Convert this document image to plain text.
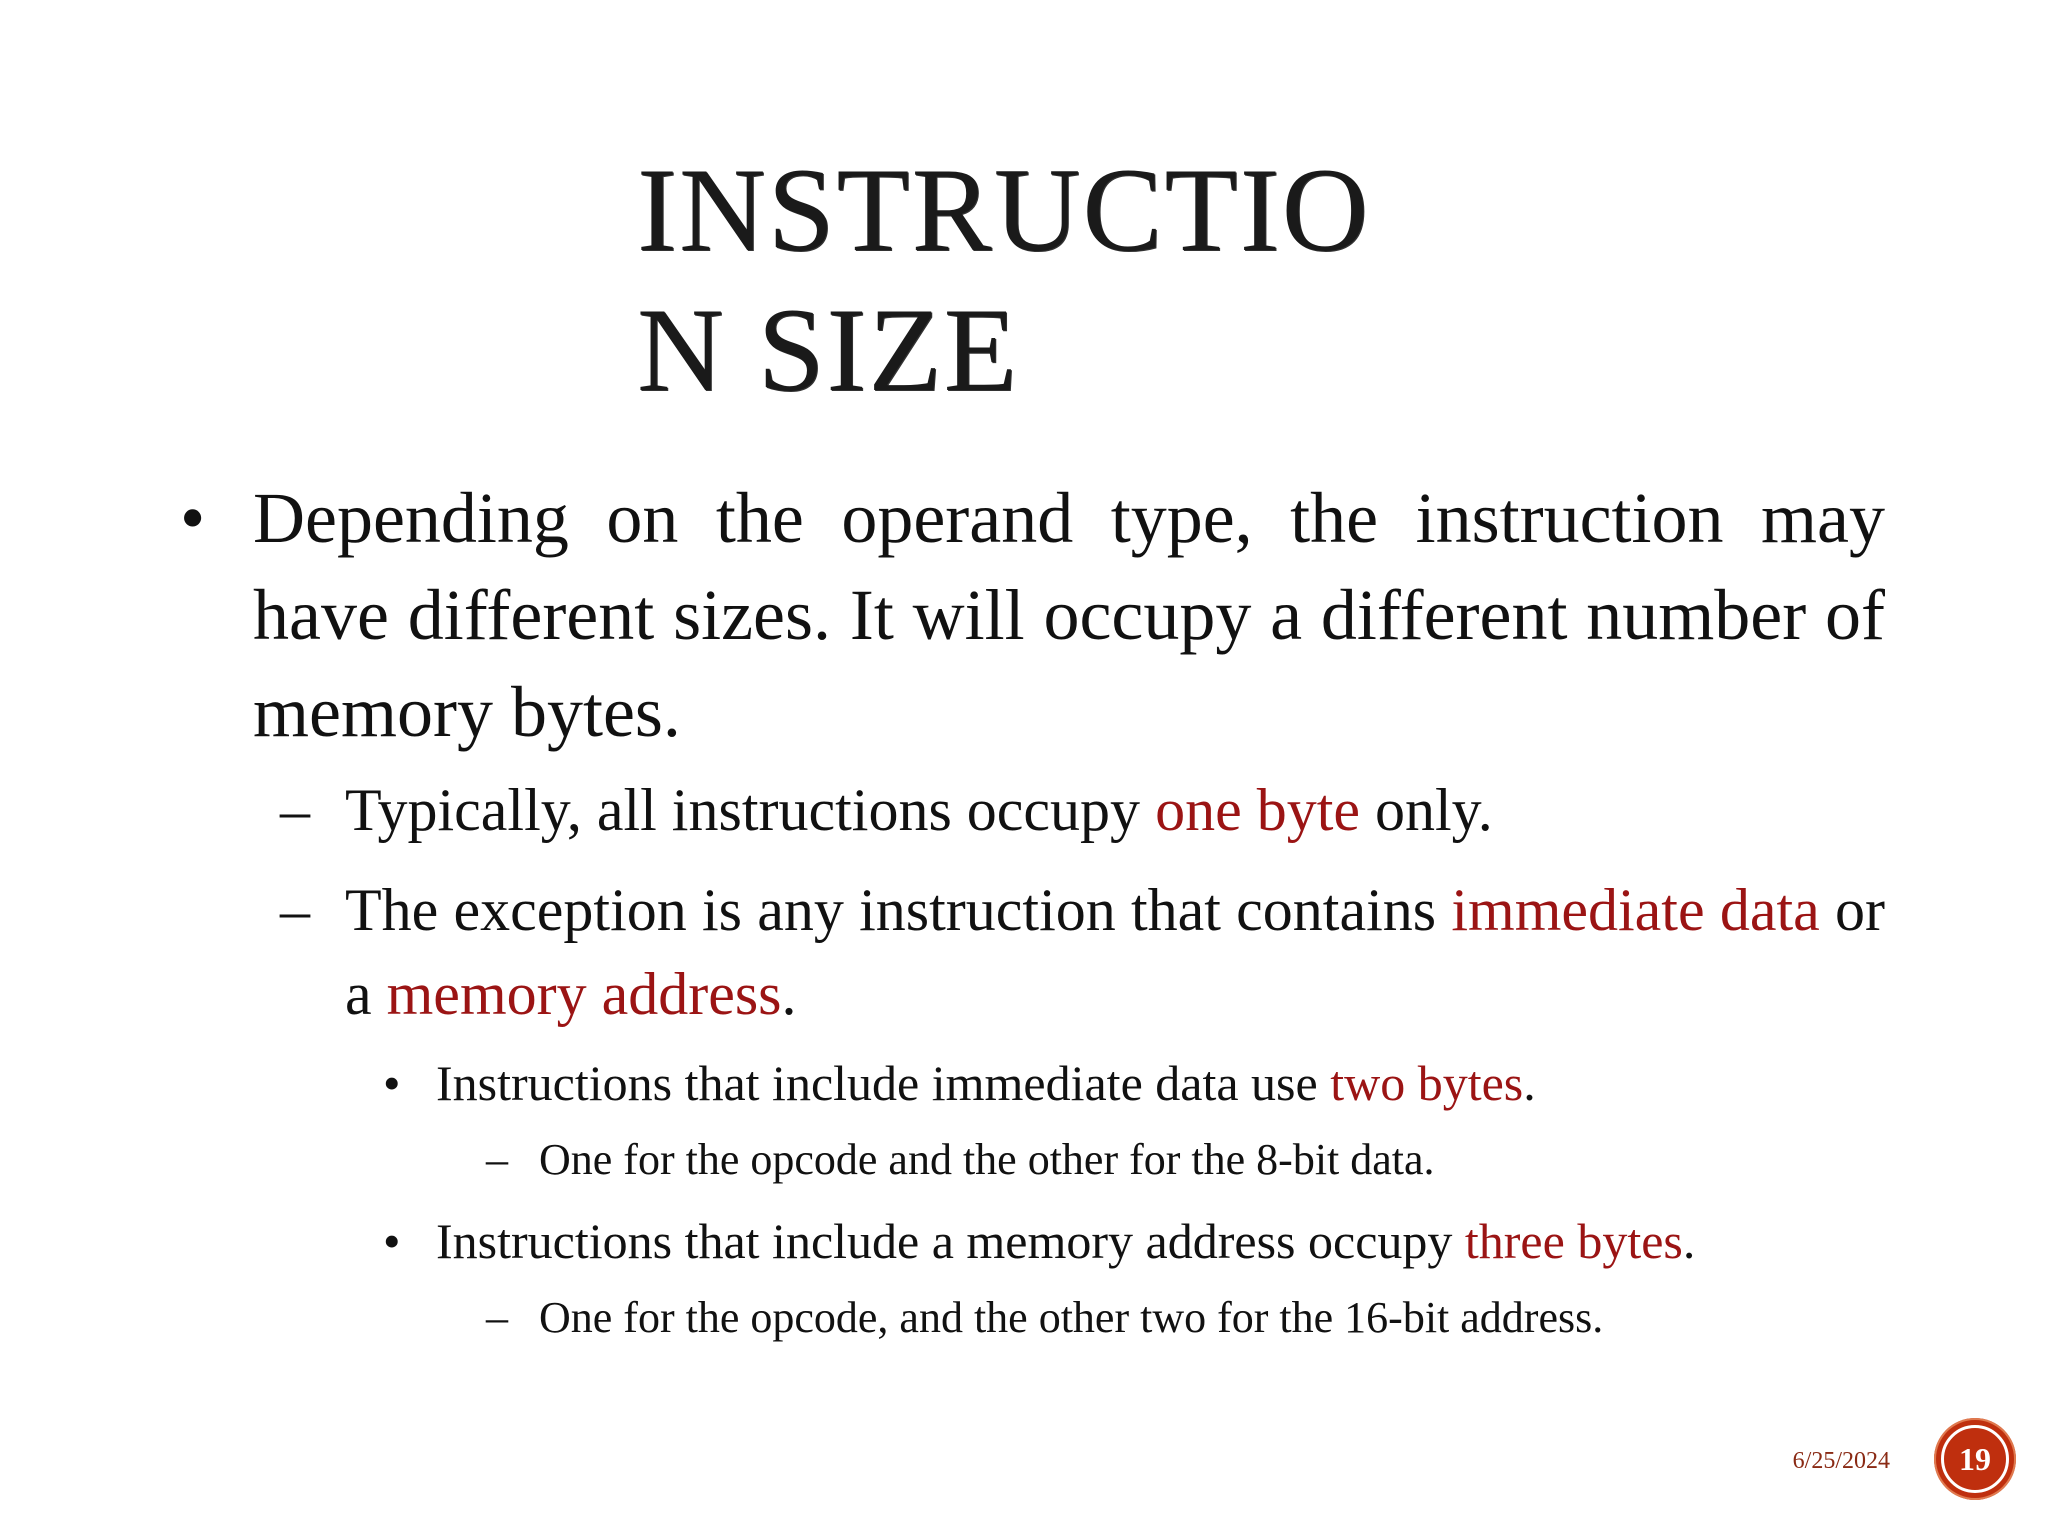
INSTRUCTIO
N SIZE
• Depending on the operand type, the instruction may have different sizes. It will occupy a different number of memory bytes.
– Typically, all instructions occupy one byte only.
– The exception is any instruction that contains immediate data or a memory address.
• Instructions that include immediate data use two bytes.
– One for the opcode and the other for the 8-bit data.
• Instructions that include a memory address occupy three bytes.
– One for the opcode, and the other two for the 16-bit address.
6/25/2024 19
